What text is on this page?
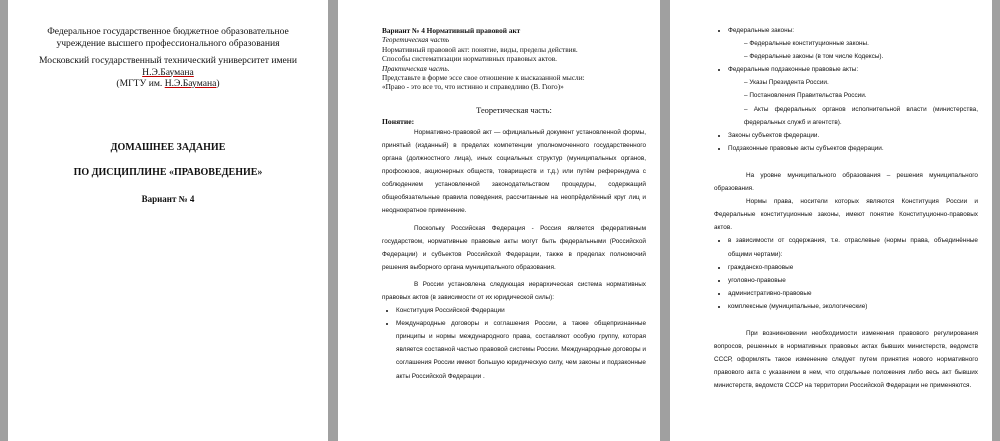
Федеральное государственное бюджетное образовательное
учреждение высшего профессионального образования
Московский государственный технический университет имени
Н.Э.Баумана
(МГТУ им. Н.Э.Баумана)
ДОМАШНЕЕ ЗАДАНИЕ
ПО ДИСЦИПЛИНЕ «ПРАВОВЕДЕНИЕ»
Вариант № 4
Вариант № 4 Нормативный правовой акт
Теоретическая часть
Нормативный правовой акт: понятие, виды, пределы действия.
Способы систематизации нормативных правовых актов.
Практическая часть.
Представьте в форме эссе свое отношение к высказанной мысли:
«Право - это все то, что истинно и справедливо (В. Гюго)»
Теоретическая часть:
Понятие:
Нормативно-правовой акт — официальный документ установленной формы, принятый (изданный) в пределах компетенции уполномоченного государственного органа (должностного лица), иных социальных структур (муниципальных органов, профсоюзов, акционерных обществ, товариществ и т.д.) или путём референдума с соблюдением установленной законодательством процедуры, содержащий общеобязательные правила поведения, рассчитанные на неопрēделённый круг лиц и неоднократное применение.
Поскольку Российская Федерация - Россия является федеративным государством, нормативные правовые акты могут быть федеральными (Российской Федерации) и субъектов Российской Федерации, также в пределах полномочий решения выборного органа муниципального образования.
В России установлена следующая иерархическая система нормативных правовых актов (в зависимости от их юридической силы):
• Конституция Российской Федерации
• Международные договоры и соглашения России, а также общепризнанные принципы и нормы международного права, составляют особую группу, которая является составной частью правовой системы России. Международные договоры и соглашения России имеют большую юридическую силу, чем законы и подзаконные акты Российской Федерации .
• Федеральные законы:
– Федеральные конституционные законы.
– Федеральные законы (в том числе Кодексы).
• Федеральные подзаконные правовые акты:
– Указы Президента России.
– Постановления Правительства России.
– Акты федеральных органов исполнительной власти (министерства, федеральных служб и агентств).
• Законы субъектов федерации.
• Подзаконные правовые акты субъектов федерации.
На уровне муниципального образования – решения муниципального образования.
Нормы права, носители которых являются Конституция России и Федеральные конституционные законы, имеют понятие Конституционно-правовых актов.
• в зависимости от содержания, т.е. отраслевые (нормы права, объединённые общими чертами):
• гражданско-правовые
• уголовно-правовые
• административно-правовые
• комплексные (муниципальные, экологические)
При возникновении необходимости изменения правового регулирования вопросов, решенных в нормативных правовых актах бывших министерств, ведомств СССР, оформлять такое изменение следует путем принятия нового нормативного правового акта с указанием в нем, что отдельные положения либо весь акт бывших министерств, ведомств СССР на территории Российской Федерации не применяются.
